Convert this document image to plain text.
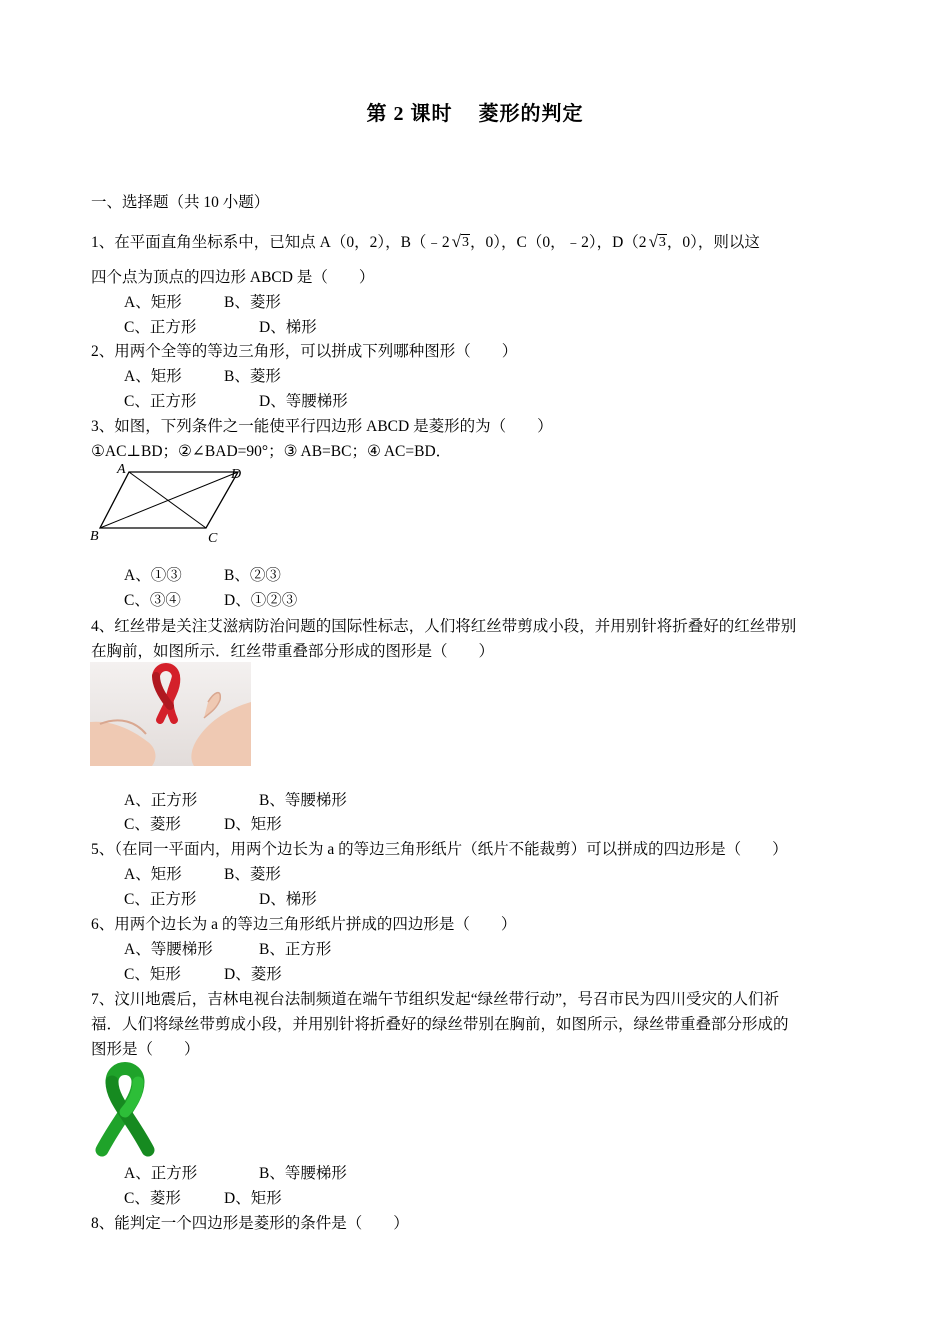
第 2 课时 菱形的判定
一、选择题（共 10 小题）
1、在平面直角坐标系中，已知点 A（0，2），B（﹣2 √3，0），C（0，﹣2），D（2 √3，0），则以这
四个点为顶点的四边形 ABCD 是（　　）
A、矩形	B、菱形
C、正方形	D、梯形
2、用两个全等的等边三角形，可以拼成下列哪种图形（　　）
A、矩形	B、菱形
C、正方形	D、等腰梯形
3、如图，下列条件之一能使平行四边形 ABCD 是菱形的为（　　）
①AC⊥BD；②∠BAD=90°；③ AB=BC；④ AC=BD．
A	D
B	C
A、①③	B、②③
C、③④	D、①②③
4、红丝带是关注艾滋病防治问题的国际性标志，人们将红丝带剪成小段，并用别针将折叠好的红丝带别
在胸前，如图所示．红丝带重叠部分形成的图形是（　　）
A、正方形	B、等腰梯形
C、菱形	D、矩形
5、（在同一平面内，用两个边长为 a 的等边三角形纸片（纸片不能裁剪）可以拼成的四边形是（　　）
A、矩形	B、菱形
C、正方形	D、梯形
6、用两个边长为 a 的等边三角形纸片拼成的四边形是（　　）
A、等腰梯形	B、正方形
C、矩形	D、菱形
7、汶川地震后，吉林电视台法制频道在端午节组织发起“绿丝带行动”，号召市民为四川受灾的人们祈
福．人们将绿丝带剪成小段，并用别针将折叠好的绿丝带别在胸前，如图所示，绿丝带重叠部分形成的
图形是（　　）
A、正方形	B、等腰梯形
C、菱形	D、矩形
8、能判定一个四边形是菱形的条件是（　　）
